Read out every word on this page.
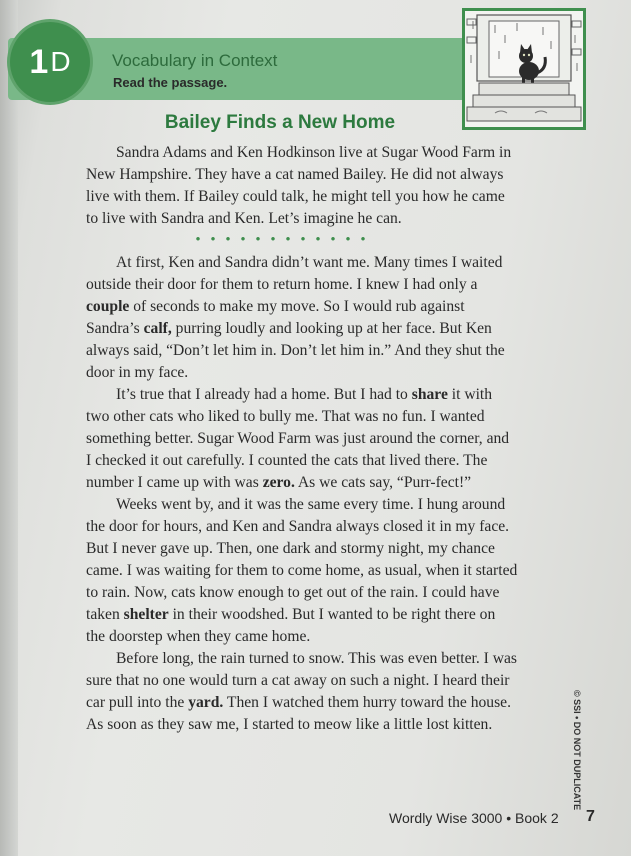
1 D Vocabulary in Context
Read the passage.
Bailey Finds a New Home

Sandra Adams and Ken Hodkinson live at Sugar Wood Farm in New Hampshire. They have a cat named Bailey. He did not always live with them. If Bailey could talk, he might tell you how he came to live with Sandra and Ken. Let’s imagine he can.

• • • • • • • • • • • •

At first, Ken and Sandra didn’t want me. Many times I waited outside their door for them to return home. I knew I had only a couple of seconds to make my move. So I would rub against Sandra’s calf, purring loudly and looking up at her face. But Ken always said, “Don’t let him in. Don’t let him in.” And they shut the door in my face.

It’s true that I already had a home. But I had to share it with two other cats who liked to bully me. That was no fun. I wanted something better. Sugar Wood Farm was just around the corner, and I checked it out carefully. I counted the cats that lived there. The number I came up with was zero. As we cats say, “Purr-fect!”

Weeks went by, and it was the same every time. I hung around the door for hours, and Ken and Sandra always closed it in my face. But I never gave up. Then, one dark and stormy night, my chance came. I was waiting for them to come home, as usual, when it started to rain. Now, cats know enough to get out of the rain. I could have taken shelter in their woodshed. But I wanted to be right there on the doorstep when they came home.

Before long, the rain turned to snow. This was even better. I was sure that no one would turn a cat away on such a night. I heard their car pull into the yard. Then I watched them hurry toward the house. As soon as they saw me, I started to meow like a little lost kitten.	© SSI • DO NOT DUPLICATE
Wordly Wise 3000 • Book 2 7
